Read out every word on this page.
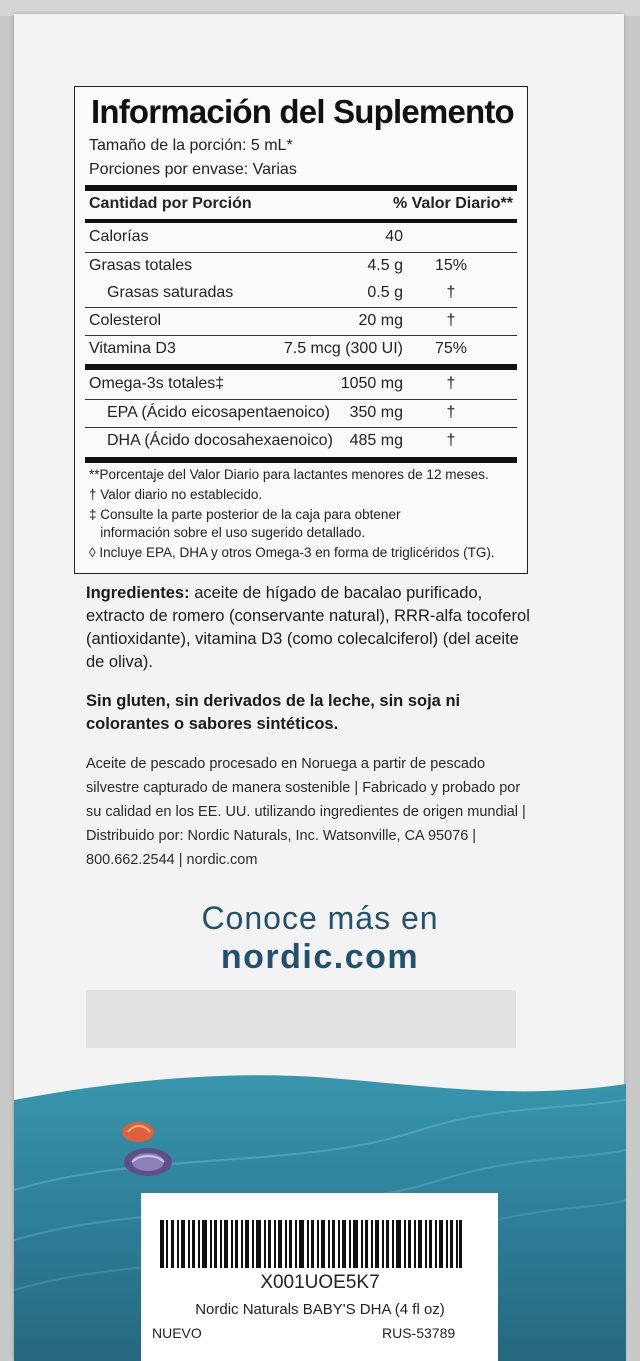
Información del Suplemento
Tamaño de la porción: 5 mL*
Porciones por envase: Varias
Cantidad por Porción	% Valor Diario**
Calorías	40
Grasas totales	4.5 g	15%
Grasas saturadas	0.5 g	†
Colesterol	20 mg	†
Vitamina D3	7.5 mcg (300 UI)	75%
Omega-3s totales‡	1050 mg	†
EPA (Ácido eicosapentaenoico) 350 mg	†
DHA (Ácido docosahexaenoico) 485 mg	†
**Porcentaje del Valor Diario para lactantes menores de 12 meses.
† Valor diario no establecido.
‡ Consulte la parte posterior de la caja para obtener
información sobre el uso sugerido detallado.
◊ Incluye EPA, DHA y otros Omega-3 en forma de triglicéridos (TG).
Ingredientes: aceite de hígado de bacalao purificado, extracto de romero (conservante natural), RRR-alfa tocoferol (antioxidante), vitamina D3 (como colecalciferol) (del aceite de oliva).
Sin gluten, sin derivados de la leche, sin soja ni colorantes o sabores sintéticos.
Aceite de pescado procesado en Noruega a partir de pescado silvestre capturado de manera sostenible | Fabricado y probado por su calidad en los EE. UU. utilizando ingredientes de origen mundial | Distribuido por: Nordic Naturals, Inc. Watsonville, CA 95076 | 800.662.2544 | nordic.com
Conoce más en
nordic.com
X001UOE5K7
Nordic Naturals BABY'S DHA (4 fl oz)
NUEVO	RUS-53789
